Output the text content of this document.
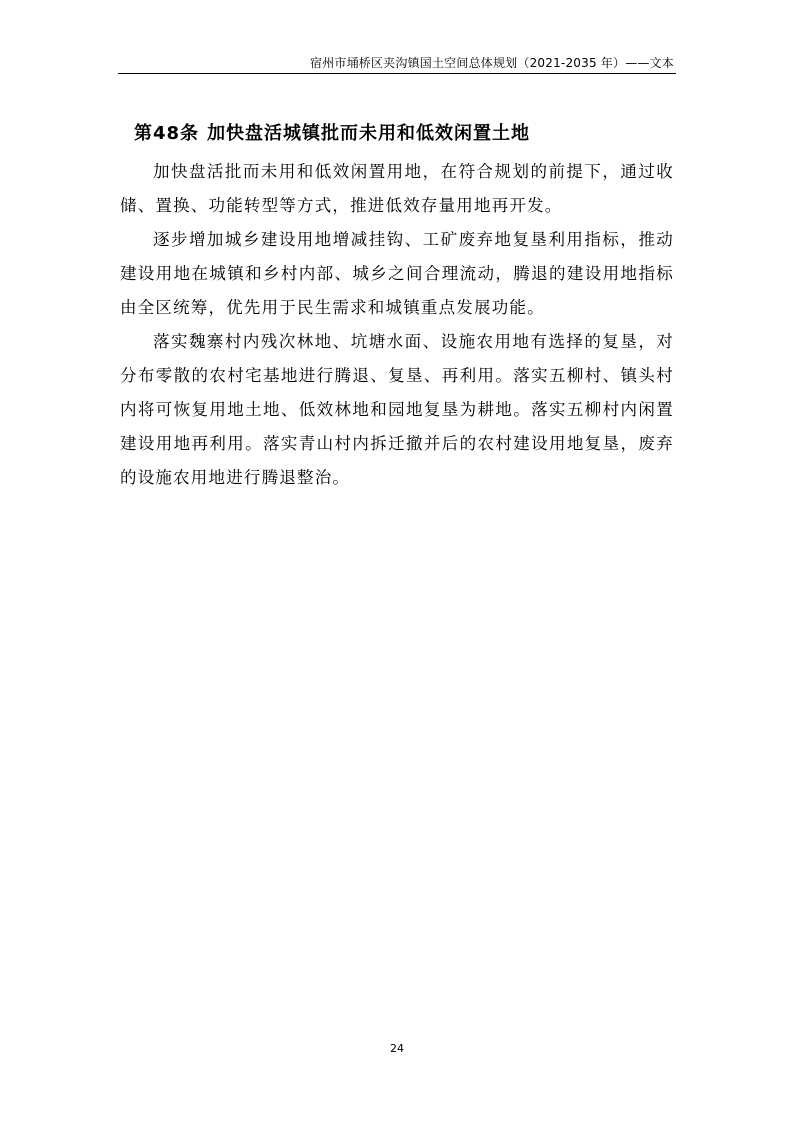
宿州市埇桥区夹沟镇国土空间总体规划（2021-2035 年）——文本
第48条 加快盘活城镇批而未用和低效闲置土地

加快盘活批而未用和低效闲置用地，在符合规划的前提下，通过收储、置换、功能转型等方式，推进低效存量用地再开发。

逐步增加城乡建设用地增减挂钩、工矿废弃地复垦利用指标，推动建设用地在城镇和乡村内部、城乡之间合理流动，腾退的建设用地指标由全区统筹，优先用于民生需求和城镇重点发展功能。

落实魏寨村内残次林地、坑塘水面、设施农用地有选择的复垦，对分布零散的农村宅基地进行腾退、复垦、再利用。落实五柳村、镇头村内将可恢复用地土地、低效林地和园地复垦为耕地。落实五柳村内闲置建设用地再利用。落实青山村内拆迁撤并后的农村建设用地复垦，废弃的设施农用地进行腾退整治。

24
